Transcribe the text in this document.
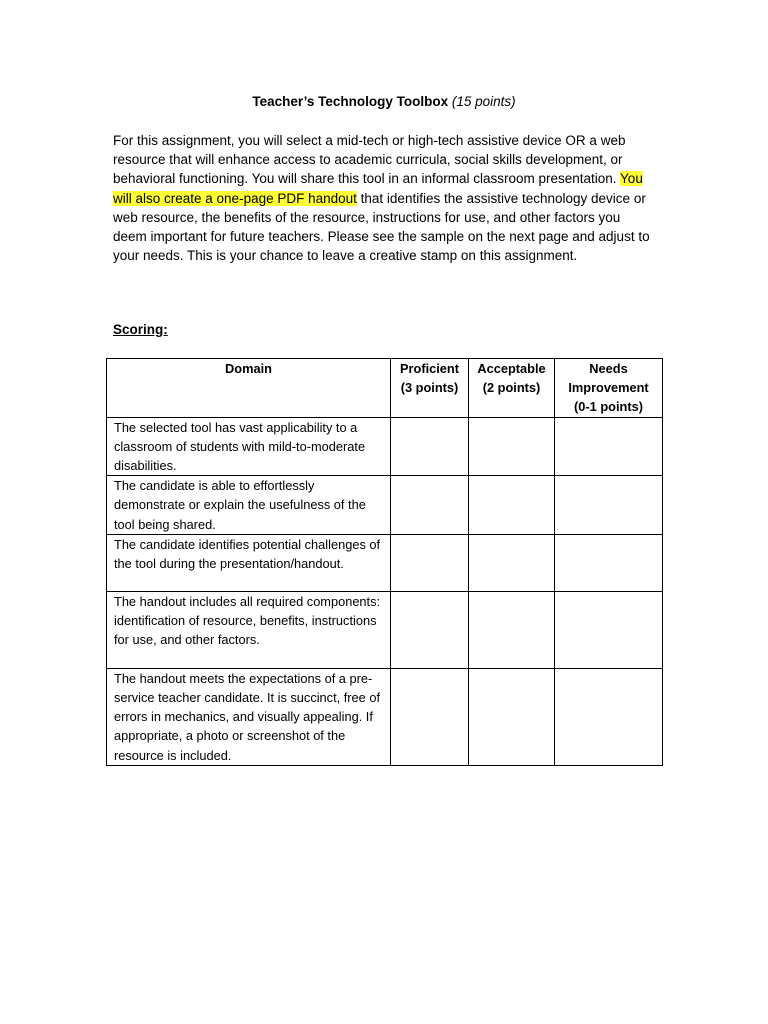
Teacher’s Technology Toolbox (15 points)

For this assignment, you will select a mid-tech or high-tech assistive device OR a web resource that will enhance access to academic curricula, social skills development, or behavioral functioning. You will share this tool in an informal classroom presentation. You will also create a one-page PDF handout that identifies the assistive technology device or web resource, the benefits of the resource, instructions for use, and other factors you deem important for future teachers. Please see the sample on the next page and adjust to your needs. This is your chance to leave a creative stamp on this assignment.

Scoring:
Domain	Proficient (3 points)	Acceptable (2 points)	Needs Improvement (0-1 points)
The selected tool has vast applicability to a classroom of students with mild-to-moderate disabilities.			
The candidate is able to effortlessly demonstrate or explain the usefulness of the tool being shared.			
The candidate identifies potential challenges of the tool during the presentation/handout.			
The handout includes all required components: identification of resource, benefits, instructions for use, and other factors.			
The handout meets the expectations of a pre-service teacher candidate. It is succinct, free of errors in mechanics, and visually appealing. If appropriate, a photo or screenshot of the resource is included.			
